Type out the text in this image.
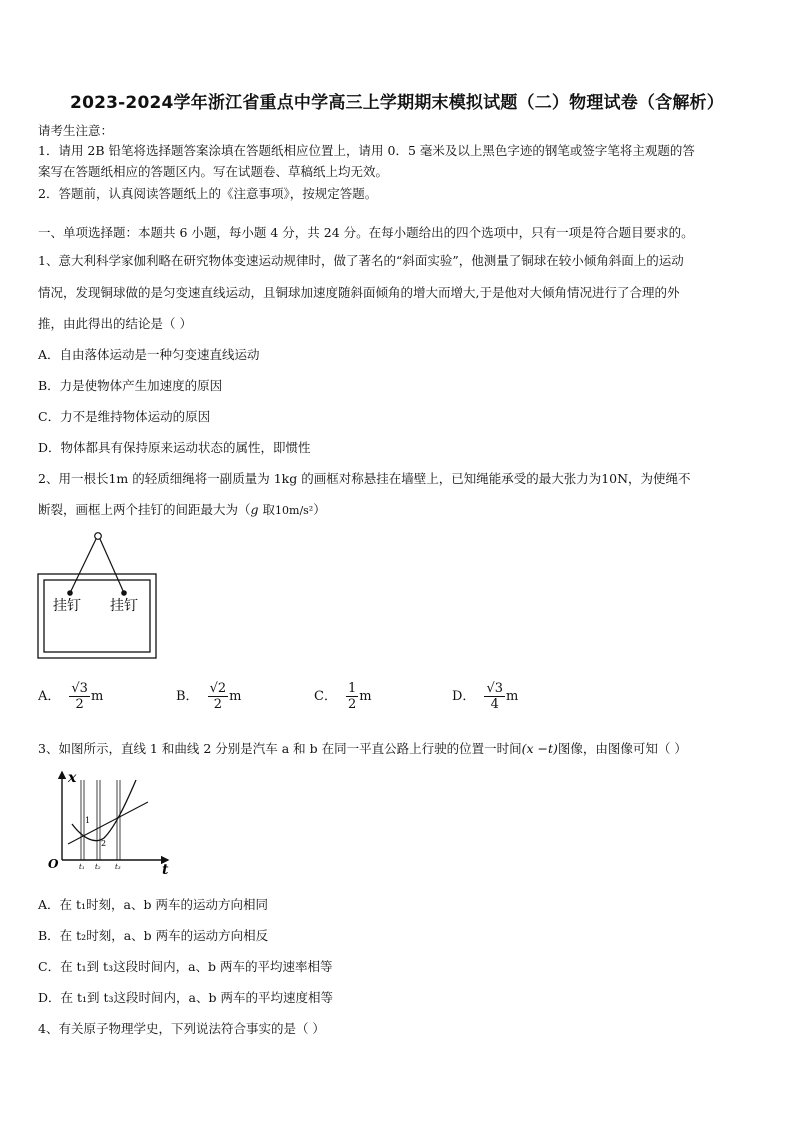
2023-2024学年浙江省重点中学高三上学期期末模拟试题（二）物理试卷（含解析）
请考生注意：
1．请用 2B 铅笔将选择题答案涂填在答题纸相应位置上，请用 0．5 毫米及以上黑色字迹的钢笔或签字笔将主观题的答
案写在答题纸相应的答题区内。写在试题卷、草稿纸上均无效。
2．答题前，认真阅读答题纸上的《注意事项》，按规定答题。
一、单项选择题：本题共 6 小题，每小题 4 分，共 24 分。在每小题给出的四个选项中，只有一项是符合题目要求的。
1、意大利科学家伽利略在研究物体变速运动规律时，做了著名的“斜面实验”，他测量了铜球在较小倾角斜面上的运动
情况，发现铜球做的是匀变速直线运动，且铜球加速度随斜面倾角的增大而增大,于是他对大倾角情况进行了合理的外
推，由此得出的结论是（ ）
A．自由落体运动是一种匀变速直线运动
B．力是使物体产生加速度的原因
C．力不是维持物体运动的原因
D．物体都具有保持原来运动状态的属性，即惯性
2、用一根长1m 的轻质细绳将一副质量为 1kg 的画框对称悬挂在墙壁上，已知绳能承受的最大张力为10N，为使绳不
断裂，画框上两个挂钉的间距最大为（g 取10m/s²）
挂钉 挂钉
A． $\frac{√3}{2}$ m	B． $\frac{√2}{2}$ m	C． $\frac{1}{2}$ m	D． $\frac{√3}{4}$ m
3、如图所示，直线 1 和曲线 2 分别是汽车 a 和 b 在同一平直公路上行驶的位置一时间(x −t)图像，由图像可知（ ）
x
t
O	t₁ t₂ t₃
1
2
A．在 t₁时刻，a、b 两车的运动方向相同
B．在 t₂时刻，a、b 两车的运动方向相反
C．在 t₁到 t₃这段时间内，a、b 两车的平均速率相等
D．在 t₁到 t₃这段时间内，a、b 两车的平均速度相等
4、有关原子物理学史，下列说法符合事实的是（ ）
